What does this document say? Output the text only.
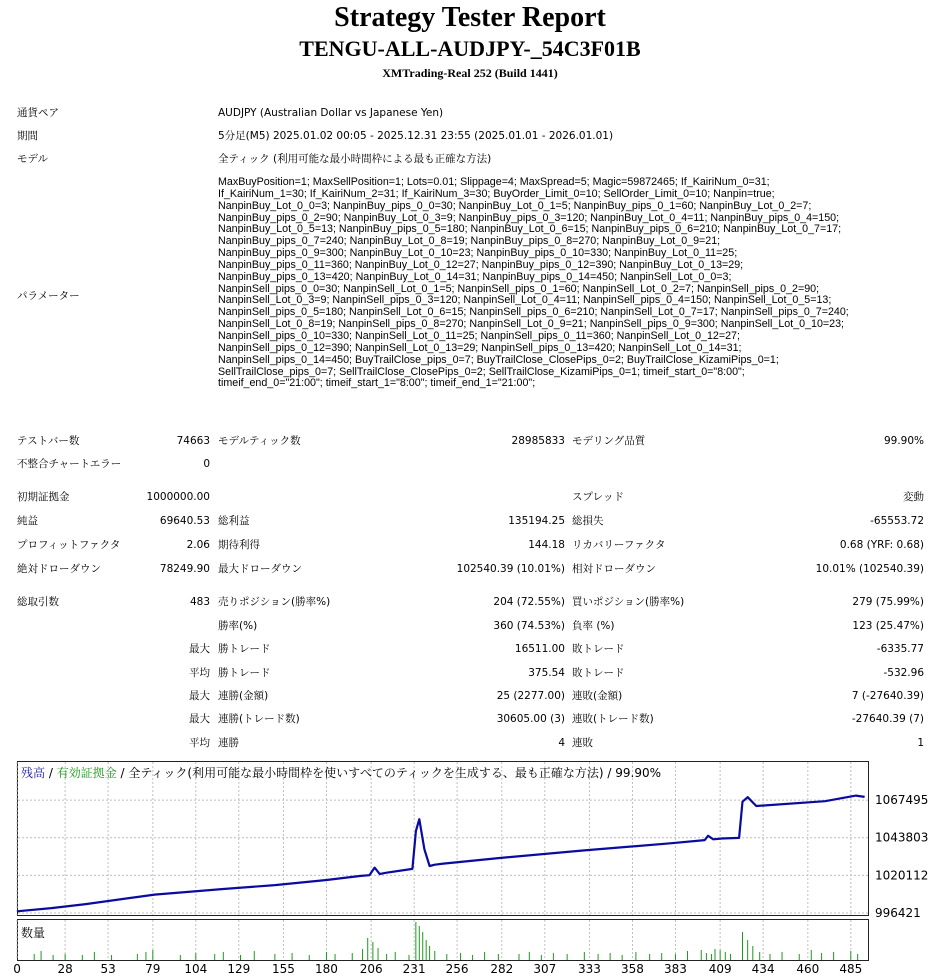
Strategy Tester Report
TENGU-ALL-AUDJPY-_54C3F01B
XMTrading-Real 252 (Build 1441)
通貨ペア	AUDJPY (Australian Dollar vs Japanese Yen)
期間	5分足(M5) 2025.01.02 00:05 - 2025.12.31 23:55 (2025.01.01 - 2026.01.01)
モデル	全ティック (利用可能な最小時間枠による最も正確な方法)
パラメーター
MaxBuyPosition=1; MaxSellPosition=1; Lots=0.01; Slippage=4; MaxSpread=5; Magic=59872465; If_KairiNum_0=31;
If_KairiNum_1=30; If_KairiNum_2=31; If_KairiNum_3=30; BuyOrder_Limit_0=10; SellOrder_Limit_0=10; Nanpin=true;
NanpinBuy_Lot_0_0=3; NanpinBuy_pips_0_0=30; NanpinBuy_Lot_0_1=5; NanpinBuy_pips_0_1=60; NanpinBuy_Lot_0_2=7;
NanpinBuy_pips_0_2=90; NanpinBuy_Lot_0_3=9; NanpinBuy_pips_0_3=120; NanpinBuy_Lot_0_4=11; NanpinBuy_pips_0_4=150;
NanpinBuy_Lot_0_5=13; NanpinBuy_pips_0_5=180; NanpinBuy_Lot_0_6=15; NanpinBuy_pips_0_6=210; NanpinBuy_Lot_0_7=17;
NanpinBuy_pips_0_7=240; NanpinBuy_Lot_0_8=19; NanpinBuy_pips_0_8=270; NanpinBuy_Lot_0_9=21;
NanpinBuy_pips_0_9=300; NanpinBuy_Lot_0_10=23; NanpinBuy_pips_0_10=330; NanpinBuy_Lot_0_11=25;
NanpinBuy_pips_0_11=360; NanpinBuy_Lot_0_12=27; NanpinBuy_pips_0_12=390; NanpinBuy_Lot_0_13=29;
NanpinBuy_pips_0_13=420; NanpinBuy_Lot_0_14=31; NanpinBuy_pips_0_14=450; NanpinSell_Lot_0_0=3;
NanpinSell_pips_0_0=30; NanpinSell_Lot_0_1=5; NanpinSell_pips_0_1=60; NanpinSell_Lot_0_2=7; NanpinSell_pips_0_2=90;
NanpinSell_Lot_0_3=9; NanpinSell_pips_0_3=120; NanpinSell_Lot_0_4=11; NanpinSell_pips_0_4=150; NanpinSell_Lot_0_5=13;
NanpinSell_pips_0_5=180; NanpinSell_Lot_0_6=15; NanpinSell_pips_0_6=210; NanpinSell_Lot_0_7=17; NanpinSell_pips_0_7=240;
NanpinSell_Lot_0_8=19; NanpinSell_pips_0_8=270; NanpinSell_Lot_0_9=21; NanpinSell_pips_0_9=300; NanpinSell_Lot_0_10=23;
NanpinSell_pips_0_10=330; NanpinSell_Lot_0_11=25; NanpinSell_pips_0_11=360; NanpinSell_Lot_0_12=27;
NanpinSell_pips_0_12=390; NanpinSell_Lot_0_13=29; NanpinSell_pips_0_13=420; NanpinSell_Lot_0_14=31;
NanpinSell_pips_0_14=450; BuyTrailClose_pips_0=7; BuyTrailClose_ClosePips_0=2; BuyTrailClose_KizamiPips_0=1;
SellTrailClose_pips_0=7; SellTrailClose_ClosePips_0=2; SellTrailClose_KizamiPips_0=1; timeif_start_0="8:00";
timeif_end_0="21:00"; timeif_start_1="8:00"; timeif_end_1="21:00";
テストバー数	74663 モデルティック数	28985833 モデリング品質	99.90%
不整合チャートエラー	0
初期証拠金	1000000.00	スプレッド	変動
純益	69640.53 総利益	135194.25 総損失	-65553.72
プロフィットファクタ	2.06 期待利得	144.18 リカバリーファクタ	0.68 (YRF: 0.68)
絶対ドローダウン	78249.90 最大ドローダウン	102540.39 (10.01%) 相対ドローダウン	10.01% (102540.39)
総取引数	483 売りポジション(勝率%)	204 (72.55%) 買いポジション(勝率%)	279 (75.99%)
勝率(%)	360 (74.53%) 負率 (%)	123 (25.47%)
最大 勝トレード	16511.00 敗トレード	-6335.77
平均 勝トレード	375.54 敗トレード	-532.96
最大 連勝(金額)	25 (2277.00) 連敗(金額)	7 (-27640.39)
最大 連勝(トレード数)	30605.00 (3) 連敗(トレード数)	-27640.39 (7)
平均 連勝	4 連敗	1
1067495
1043803
1020112
996421
0	28 53 79 104 129 155 180 206 231 256 282 307 333 358 383 409 434 460 485
残高 / 有効証拠金 / 全ティック(利用可能な最小時間枠を使いすべてのティックを生成する、最も正確な方法) / 99.90%
数量
